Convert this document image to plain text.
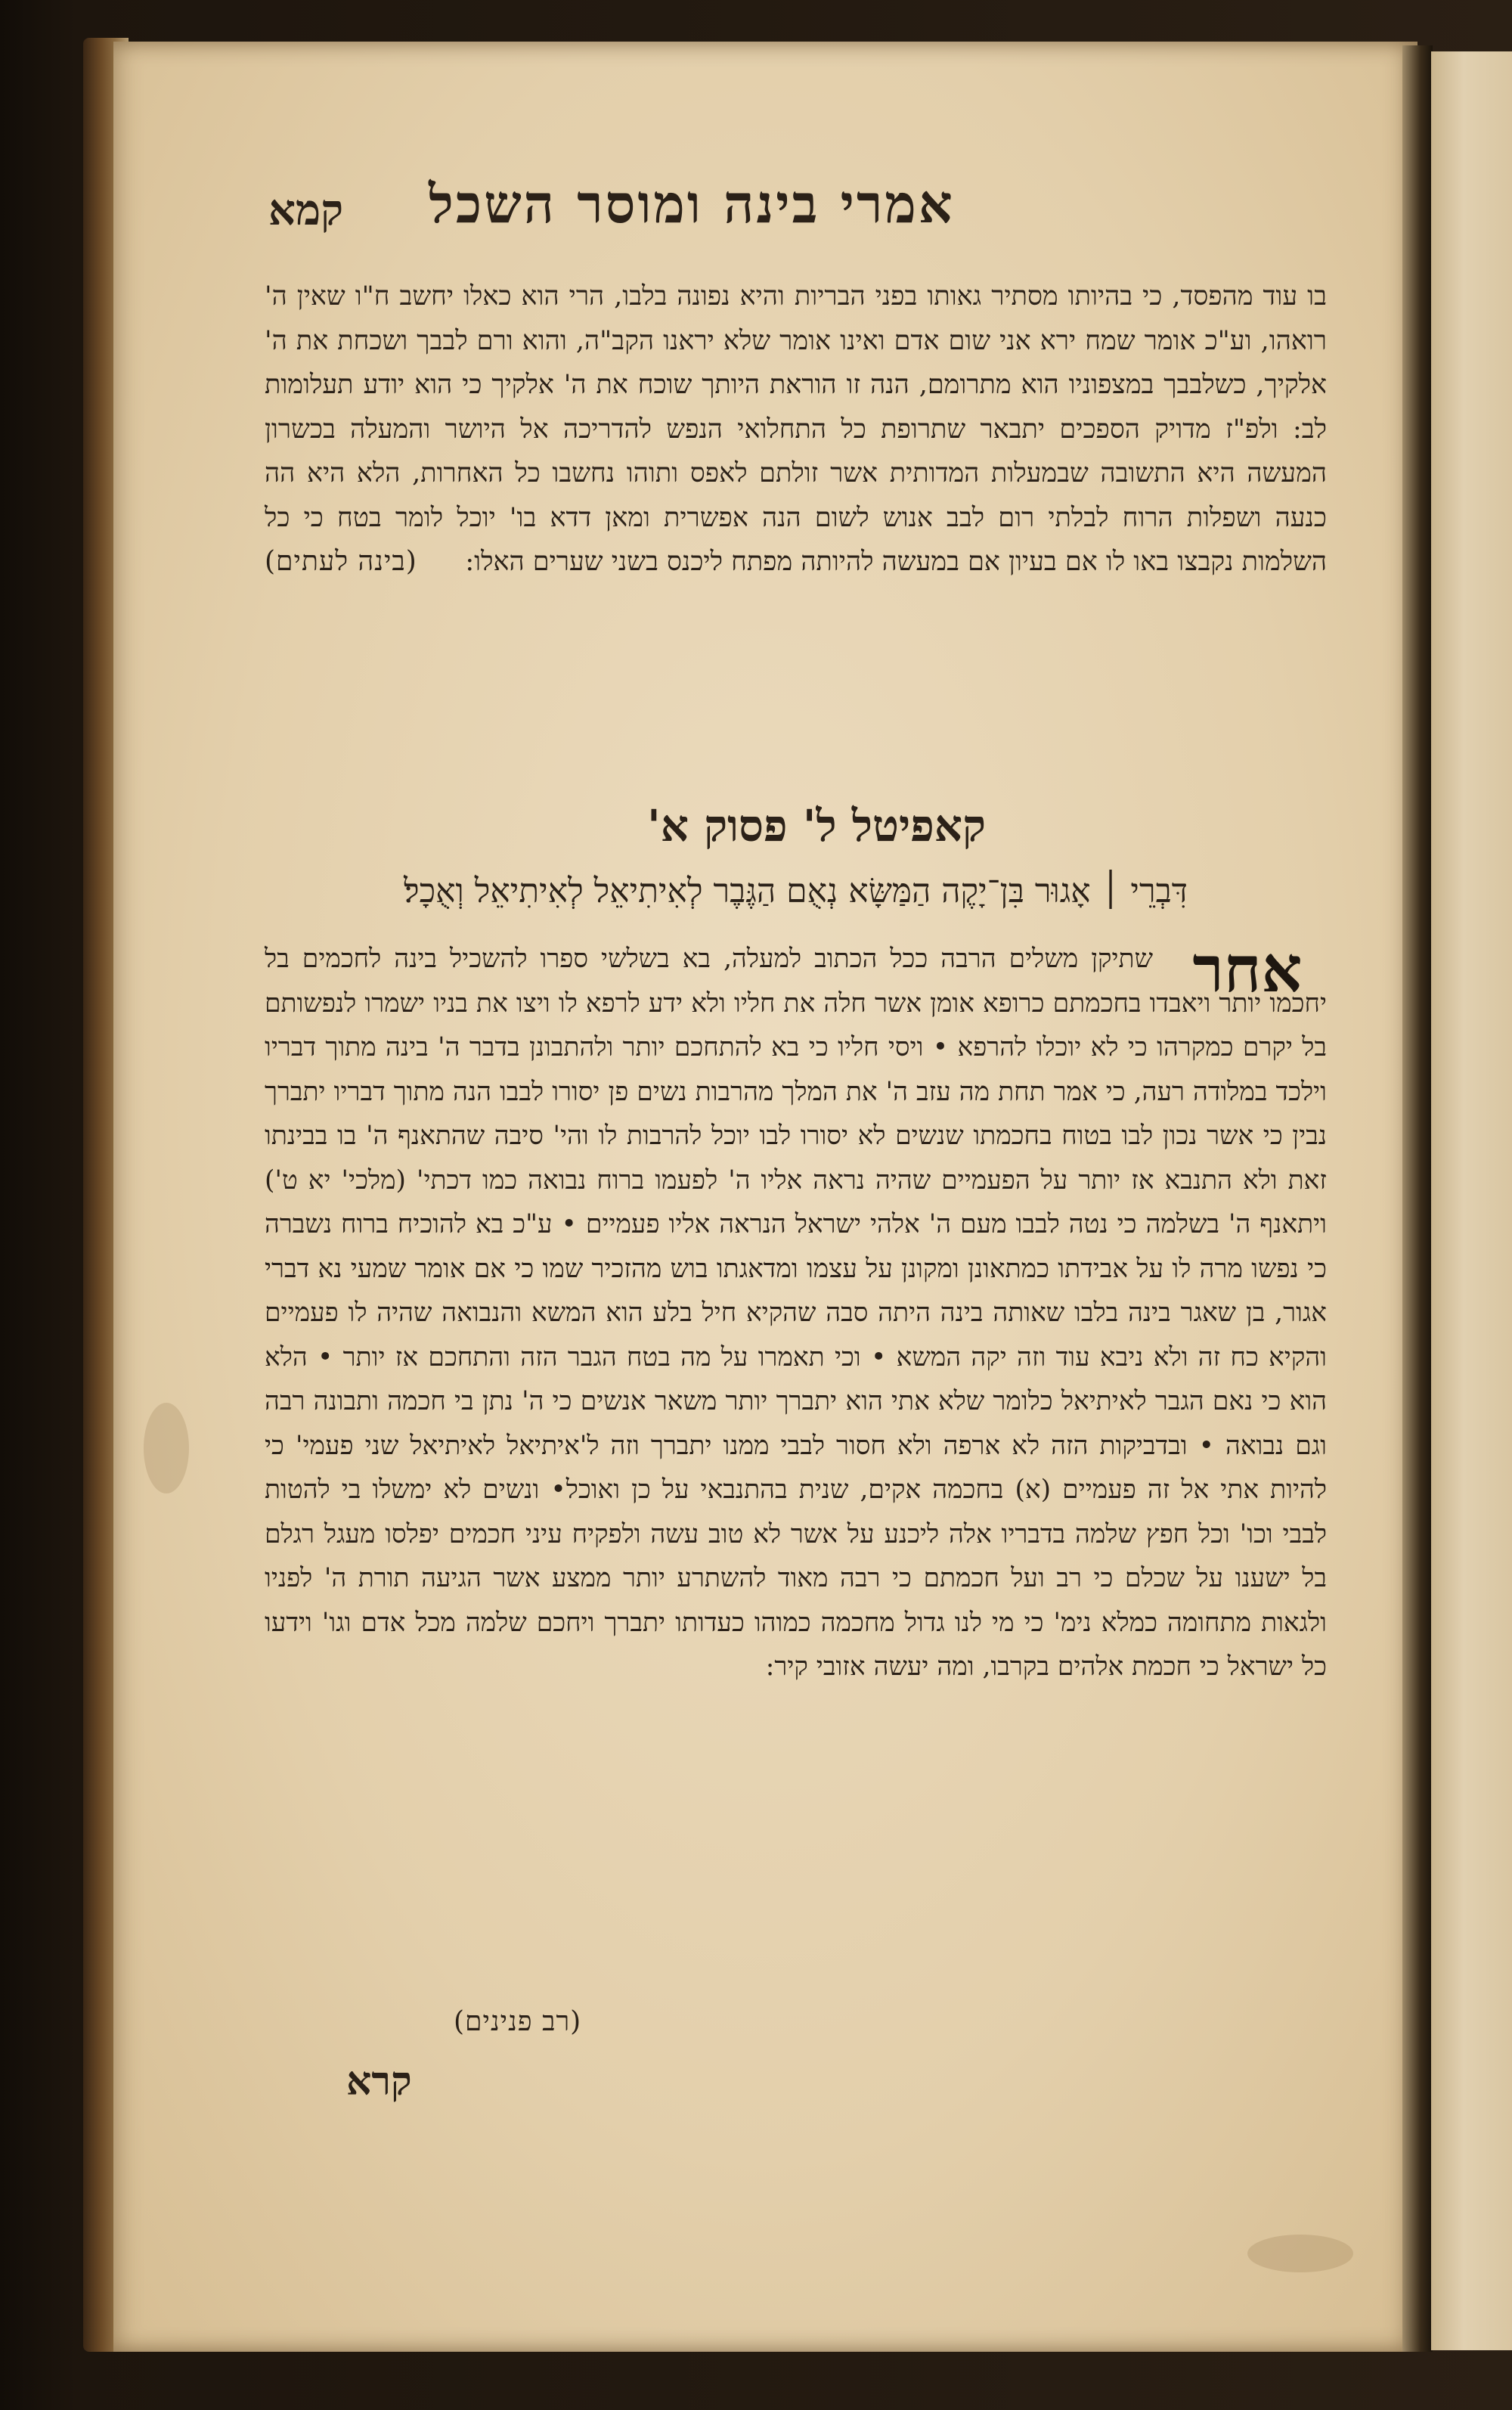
קמא	אמרי בינה ומוסר השכל

בו עוד מהפסד, כי בהיותו מסתיר גאותו בפני הבריות והיא נפונה בלבו, הרי הוא כאלו יחשב ח"ו שאין ה' רואהו, וע"כ אומר שמח ירא אני שום אדם ואינו אומר שלא יראנו הקב"ה, והוא ורם לבבך ושכחת את ה' אלקיך, כשלבבך במצפוניו הוא מתרומם, הנה זו הוראת היותך שוכח את ה' אלקיך כי הוא יודע תעלומות לב: ולפ"ז מדויק הספכים יתבאר שתרופת כל התחלואי הנפש להדריכה אל היושר והמעלה בכשרון המעשה היא התשובה שבמעלות המדותית אשר זולתם לאפס ותוהו נחשבו כל האחרות, הלא היא הה כנעה ושפלות הרוח לבלתי רום לבב אנוש לשום הנה אפשרית ומאן דדא בו' יוכל לומר בטח כי כל השלמות נקבצו באו לו אם בעיון אם במעשה להיותה מפתח ליכנס בשני שערים האלו:
(בינה לעתים)

קאפיטל ל' פסוק א'
דִּבְרֵי ׀ אָגוּר בִּן־יָקֶה הַמַּשָּׂא נְאֻם הַגֶּבֶר לְאִיתִיאֵל לְאִיתִיאֵל וְאֻכָל׃
אחר

שתיקן משלים הרבה ככל הכתוב למעלה, בא בשלשי ספרו להשכיל בינה לחכמים בל יחכמו יותר ויאבדו בחכמתם כרופא אומן אשר חלה את חליו ולא ידע לרפא לו ויצו את בניו ישמרו לנפשותם בל יקרם כמקרהו כי לא יוכלו להרפא • ויסי חליו כי בא להתחכם יותר ולהתבונן בדבר ה' בינה מתוך דבריו וילכד במלודה רעה, כי אמר תחת מה עזב ה' את המלך מהרבות נשים פן יסורו לבבו הנה מתוך דבריו יתברך נבין כי אשר נכון לבו בטוח בחכמתו שנשים לא יסורו לבו יוכל להרבות לו והי' סיבה שהתאנף ה' בו בבינתו זאת ולא התנבא אז יותר על הפעמיים שהיה נראה אליו ה' לפעמו ברוח נבואה כמו דכתי' (מלכי' יא ט') ויתאנף ה' בשלמה כי נטה לבבו מעם ה' אלהי ישראל הנראה אליו פעמיים • ע"כ בא להוכיח ברוח נשברה כי נפשו מרה לו על אבידתו כמתאונן ומקונן על עצמו ומדאגתו בוש מהזכיר שמו כי אם אומר שמעי נא דברי אגור, בן שאגר בינה בלבו שאותה בינה היתה סבה שהקיא חיל בלע הוא המשא והנבואה שהיה לו פעמיים והקיא כח זה ולא ניבא עוד וזה יקה המשא • וכי תאמרו על מה בטח הגבר הזה והתחכם אז יותר • הלא הוא כי נאם הגבר לאיתיאל כלומר שלא אתי הוא יתברך יותר משאר אנשים כי ה' נתן בי חכמה ותבונה רבה וגם נבואה • ובדביקות הזה לא ארפה ולא חסור לבבי ממנו יתברך וזה ל'איתיאל לאיתיאל שני פעמי' כי להיות אתי אל זה פעמיים (א) בחכמה אקים, שנית בהתנבאי על כן ואוכל• ונשים לא ימשלו בי להטות לבבי וכו' וכל חפץ שלמה בדבריו אלה ליכנע על אשר לא טוב עשה ולפקיח עיני חכמים יפלסו מעגל רגלם בל ישענו על שכלם כי רב ועל חכמתם כי רבה מאוד להשתרע יותר ממצע אשר הגיעה תורת ה' לפניו ולגאות מתחומה כמלא נימ' כי מי לנו גדול מחכמה כמוהו כעדותו יתברך ויחכם שלמה מכל אדם וגו' וידעו כל ישראל כי חכמת אלהים בקרבו, ומה יעשה אזובי קיר:

(רב פנינים)
קרא
